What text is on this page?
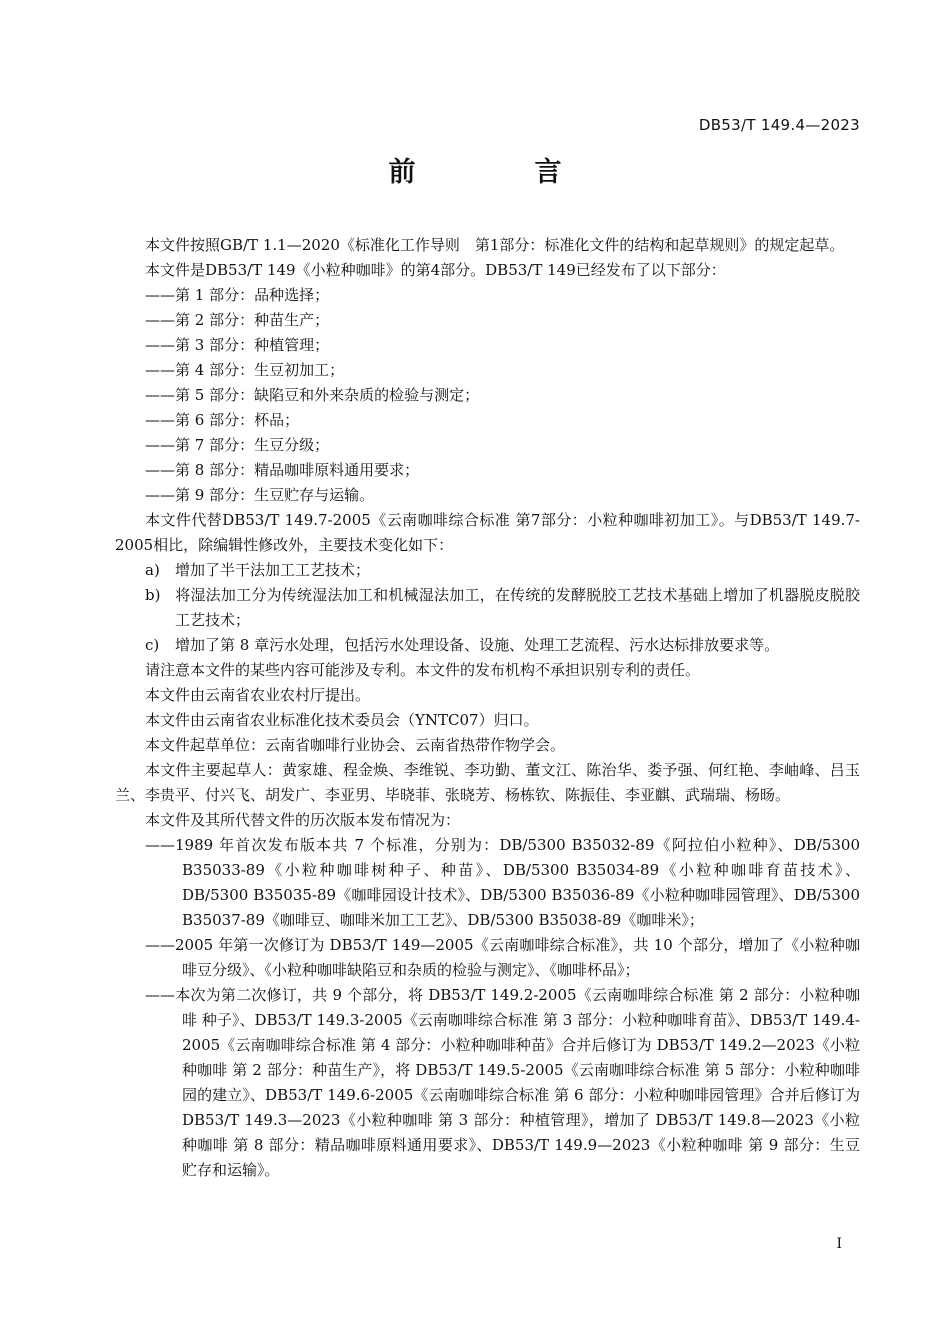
DB53/T 149.4—2023
前　言

本文件按照GB/T 1.1—2020《标准化工作导则　第1部分：标准化文件的结构和起草规则》的规定起草。

本文件是DB53/T 149《小粒种咖啡》的第4部分。DB53/T 149已经发布了以下部分：

——第 1 部分：品种选择；

——第 2 部分：种苗生产；

——第 3 部分：种植管理；

——第 4 部分：生豆初加工；

——第 5 部分：缺陷豆和外来杂质的检验与测定；

——第 6 部分：杯品；

——第 7 部分：生豆分级；

——第 8 部分：精品咖啡原料通用要求；

——第 9 部分：生豆贮存与运输。

本文件代替DB53/T 149.7-2005《云南咖啡综合标准 第7部分：小粒种咖啡初加工》。与DB53/T 149.7-2005相比，除编辑性修改外，主要技术变化如下：

a) 增加了半干法加工工艺技术；

b) 将湿法加工分为传统湿法加工和机械湿法加工，在传统的发酵脱胶工艺技术基础上增加了机器脱皮脱胶工艺技术；

c) 增加了第 8 章污水处理，包括污水处理设备、设施、处理工艺流程、污水达标排放要求等。

请注意本文件的某些内容可能涉及专利。本文件的发布机构不承担识别专利的责任。

本文件由云南省农业农村厅提出。

本文件由云南省农业标准化技术委员会（YNTC07）归口。

本文件起草单位：云南省咖啡行业协会、云南省热带作物学会。

本文件主要起草人：黄家雄、程金焕、李维锐、李功勤、董文江、陈治华、娄予强、何红艳、李岫峰、吕玉兰、李贵平、付兴飞、胡发广、李亚男、毕晓菲、张晓芳、杨栋钦、陈振佳、李亚麒、武瑞瑞、杨旸。

本文件及其所代替文件的历次版本发布情况为：

——1989 年首次发布版本共 7 个标准，分别为：DB/5300 B35032-89《阿拉伯小粒种》、DB/5300 B35033-89《小粒种咖啡树种子、种苗》、DB/5300 B35034-89《小粒种咖啡育苗技术》、DB/5300 B35035-89《咖啡园设计技术》、DB/5300 B35036-89《小粒种咖啡园管理》、DB/5300 B35037-89《咖啡豆、咖啡米加工工艺》、DB/5300 B35038-89《咖啡米》；

——2005 年第一次修订为 DB53/T 149—2005《云南咖啡综合标准》，共 10 个部分，增加了《小粒种咖啡豆分级》、《小粒种咖啡缺陷豆和杂质的检验与测定》、《咖啡杯品》；

——本次为第二次修订，共 9 个部分，将 DB53/T 149.2-2005《云南咖啡综合标准 第 2 部分：小粒种咖啡 种子》、DB53/T 149.3-2005《云南咖啡综合标准 第 3 部分：小粒种咖啡育苗》、DB53/T 149.4-2005《云南咖啡综合标准 第 4 部分：小粒种咖啡种苗》合并后修订为 DB53/T 149.2—2023《小粒种咖啡 第 2 部分：种苗生产》，将 DB53/T 149.5-2005《云南咖啡综合标准 第 5 部分：小粒种咖啡园的建立》、DB53/T 149.6-2005《云南咖啡综合标准 第 6 部分：小粒种咖啡园管理》合并后修订为 DB53/T 149.3—2023《小粒种咖啡 第 3 部分：种植管理》，增加了 DB53/T 149.8—2023《小粒种咖啡 第 8 部分：精品咖啡原料通用要求》、DB53/T 149.9—2023《小粒种咖啡 第 9 部分：生豆贮存和运输》。

I
